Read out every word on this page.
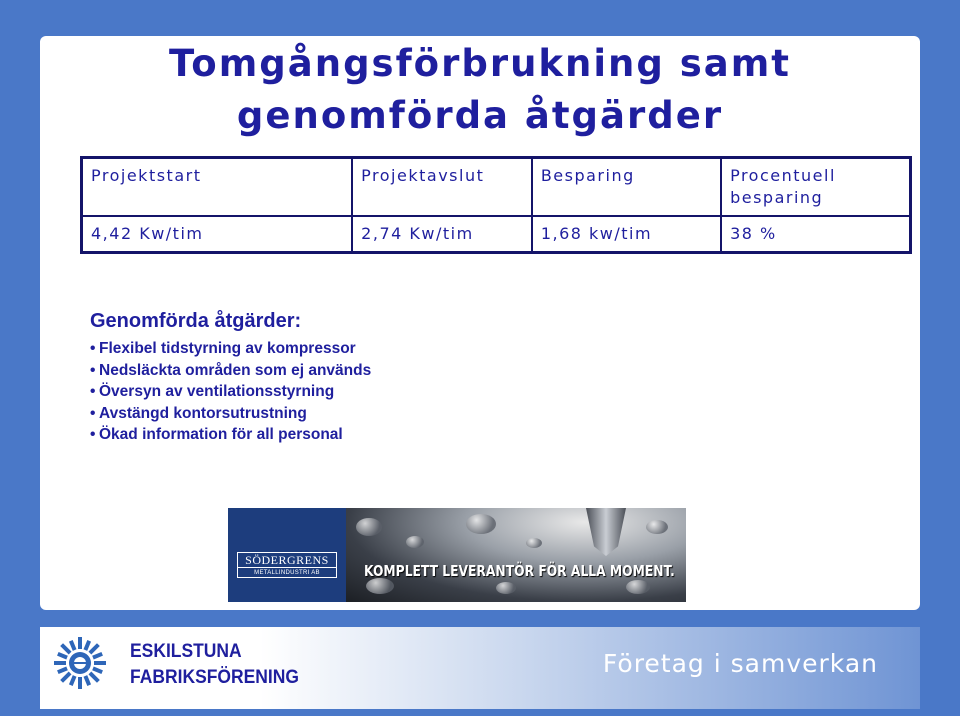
Tomgångsförbrukning samt
genomförda åtgärder
Projektstart	Projektavslut	Besparing	Procentuell besparing
4,42 Kw/tim	2,74 Kw/tim	1,68 kw/tim	38 %
Genomförda åtgärder:
• Flexibel tidstyrning av kompressor
• Nedsläckta områden som ej används
• Översyn av ventilationsstyrning
• Avstängd kontorsutrustning
• Ökad information för all personal
SÖDERGRENS
METALLINDUSTRI AB	KOMPLETT LEVERANTÖR FÖR ALLA MOMENT.
ESKILSTUNA
FABRIKSFÖRENING	Företag i samverkan
